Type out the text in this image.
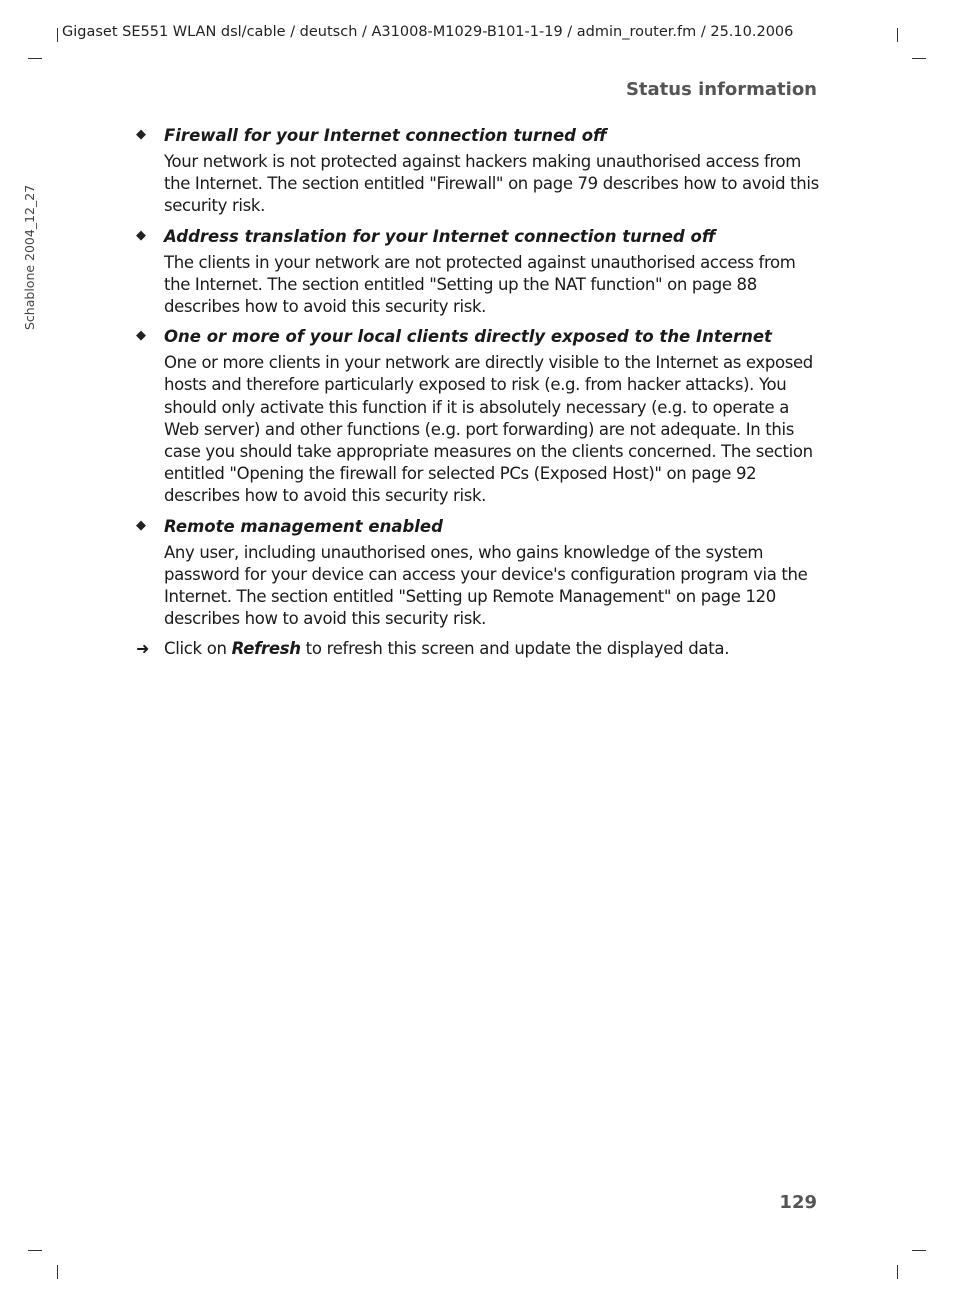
Gigaset SE551 WLAN dsl/cable / deutsch / A31008-M1029-B101-1-19 / admin_router.fm / 25.10.2006
Schablone 2004_12_27
Status information
◆ Firewall for your Internet connection turned off
Your network is not protected against hackers making unauthorised access from the Internet. The section entitled "Firewall" on page 79 describes how to avoid this security risk.
◆ Address translation for your Internet connection turned off
The clients in your network are not protected against unauthorised access from the Internet. The section entitled "Setting up the NAT function" on page 88 describes how to avoid this security risk.
◆ One or more of your local clients directly exposed to the Internet
One or more clients in your network are directly visible to the Internet as exposed hosts and therefore particularly exposed to risk (e.g. from hacker attacks). You should only activate this function if it is absolutely necessary (e.g. to operate a Web server) and other functions (e.g. port forwarding) are not adequate. In this case you should take appropriate measures on the clients concerned. The section entitled "Opening the firewall for selected PCs (Exposed Host)" on page 92 describes how to avoid this security risk.
◆ Remote management enabled
Any user, including unauthorised ones, who gains knowledge of the system password for your device can access your device's configuration program via the Internet. The section entitled "Setting up Remote Management" on page 120 describes how to avoid this security risk.
➜ Click on Refresh to refresh this screen and update the displayed data.
129
